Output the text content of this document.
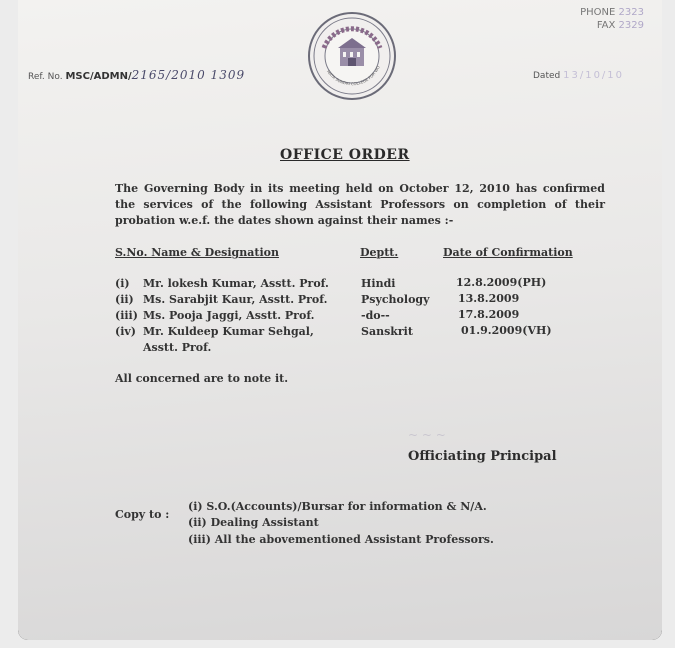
PHONE 2323
FAX 2329
MATA SUNDRI COLLEGE FOR WO
Ref. No. MSC/ADMN/2165/2010 1309	Dated 13/10/10
OFFICE ORDER
The Governing Body in its meeting held on October 12, 2010 has confirmed the services of the following Assistant Professors on completion of their probation w.e.f. the dates shown against their names :-
S.No. Name & Designation	Deptt.	Date of Confirmation
(i) Mr. lokesh Kumar, Asstt. Prof.	Hindi	12.8.2009(PH)
(ii) Ms. Sarabjit Kaur, Asstt. Prof.	Psychology	13.8.2009
(iii) Ms. Pooja Jaggi, Asstt. Prof.	-do--	17.8.2009
(iv) Mr. Kuldeep Kumar Sehgal,	Sanskrit	01.9.2009(VH)
Asstt. Prof.
All concerned are to note it.
~ ~ ~
Officiating Principal
Copy to :
(i) S.O.(Accounts)/Bursar for information & N/A.
(ii) Dealing Assistant
(iii) All the abovementioned Assistant Professors.
